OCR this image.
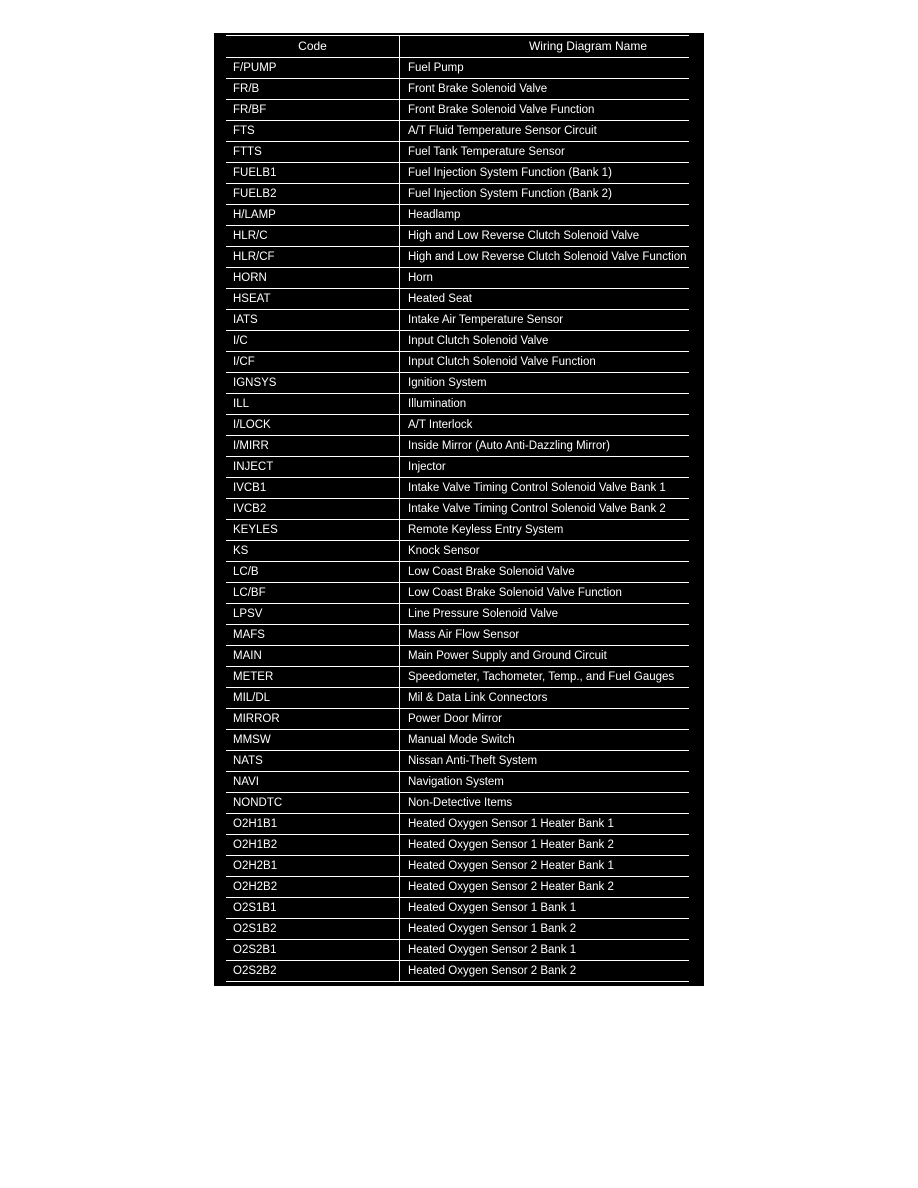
Code	Wiring Diagram Name
F/PUMP	Fuel Pump
FR/B	Front Brake Solenoid Valve
FR/BF	Front Brake Solenoid Valve Function
FTS	A/T Fluid Temperature Sensor Circuit
FTTS	Fuel Tank Temperature Sensor
FUELB1	Fuel Injection System Function (Bank 1)
FUELB2	Fuel Injection System Function (Bank 2)
H/LAMP	Headlamp
HLR/C	High and Low Reverse Clutch Solenoid Valve
HLR/CF	High and Low Reverse Clutch Solenoid Valve Function
HORN	Horn
HSEAT	Heated Seat
IATS	Intake Air Temperature Sensor
I/C	Input Clutch Solenoid Valve
I/CF	Input Clutch Solenoid Valve Function
IGNSYS	Ignition System
ILL	Illumination
I/LOCK	A/T Interlock
I/MIRR	Inside Mirror (Auto Anti-Dazzling Mirror)
INJECT	Injector
IVCB1	Intake Valve Timing Control Solenoid Valve Bank 1
IVCB2	Intake Valve Timing Control Solenoid Valve Bank 2
KEYLES	Remote Keyless Entry System
KS	Knock Sensor
LC/B	Low Coast Brake Solenoid Valve
LC/BF	Low Coast Brake Solenoid Valve Function
LPSV	Line Pressure Solenoid Valve
MAFS	Mass Air Flow Sensor
MAIN	Main Power Supply and Ground Circuit
METER	Speedometer, Tachometer, Temp., and Fuel Gauges
MIL/DL	Mil & Data Link Connectors
MIRROR	Power Door Mirror
MMSW	Manual Mode Switch
NATS	Nissan Anti-Theft System
NAVI	Navigation System
NONDTC	Non-Detective Items
O2H1B1	Heated Oxygen Sensor 1 Heater Bank 1
O2H1B2	Heated Oxygen Sensor 1 Heater Bank 2
O2H2B1	Heated Oxygen Sensor 2 Heater Bank 1
O2H2B2	Heated Oxygen Sensor 2 Heater Bank 2
O2S1B1	Heated Oxygen Sensor 1 Bank 1
O2S1B2	Heated Oxygen Sensor 1 Bank 2
O2S2B1	Heated Oxygen Sensor 2 Bank 1
O2S2B2	Heated Oxygen Sensor 2 Bank 2
